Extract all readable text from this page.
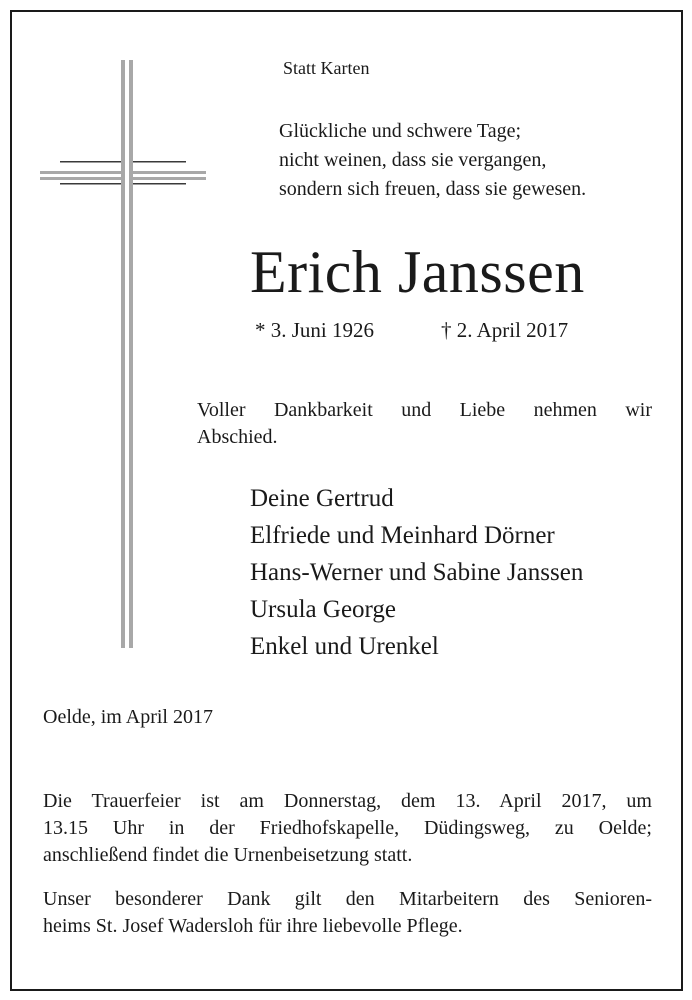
Statt Karten
Glückliche und schwere Tage;
nicht weinen, dass sie vergangen,
sondern sich freuen, dass sie gewesen.
Erich Janssen
* 3. Juni 1926	† 2. April 2017
Voller Dankbarkeit und Liebe nehmen wir
Abschied.
Deine Gertrud
Elfriede und Meinhard Dörner
Hans-Werner und Sabine Janssen
Ursula George
Enkel und Urenkel
Oelde, im April 2017
Die Trauerfeier ist am Donnerstag, dem 13. April 2017, um
13.15 Uhr in der Friedhofskapelle, Düdingsweg, zu Oelde;
anschließend findet die Urnenbeisetzung statt.
Unser besonderer Dank gilt den Mitarbeitern des Senioren-
heims St. Josef Wadersloh für ihre liebevolle Pflege.
